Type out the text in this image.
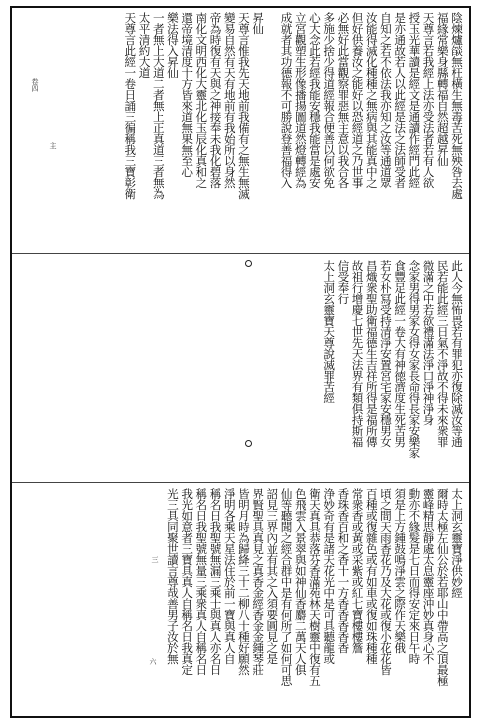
陰煉爐燄無枉橫生無毒苦死無殃咎去處
福緣常樂身縣轉福自然超越昇仙
天尊言若我經上法亦受法者若有人欲
授玉光華讀是經文是通讀作經門此經
是亦通故若人以此經是法之法師受者
自知之若不依法我亦知之汝等通道眾
汝能得滅化種種之無病與其能真中之
但好供養汝之能好以恐經道之乃世事
必無好此當觀察罪惡無主意以我合各
多施少捨少得道經報合便善以何欲免
心大念此若經我能安穩我能當是處安
立宮觀塑生形像播揚圖道然燈轉經為
成就者其功德報不可勝說登善福得入
昇仙
天尊言惟我先天地前我備有之無生無滅
變易自然有天有地前有我始所以身然
帝為時復有天與之神接奉未我化碧落
南化文明西化大靈北化玉辰化真和之
還帝境清度十方皆來道無果無至心
樂法得入昇仙
一者無上大道二者無上正真道三者無為
太平清約大道
天尊言此經一卷日誦三徧稱我三寶彰衛
此人今無怖畏若有罪犯亦復除滅汝等通
民若能此經三日氣不淨故不得未來衆罪
微滿之中若欲禮滿法淨口淨神淨身
念家男得男家女得女家長命得長家安樂家
食豐足此經一卷大有神徳濟度生死苦男
若女朴冩受持清淨安置宮宅家安穩男女
昌熾衆聖助衛福德生吉祥所得是福所傳
故祖行增慶七世先天法界有類俱持斯福
信受奉行
太上洞玄靈寶天尊說滅罪苦經
太上洞玄靈寶淨供妙經
爾時太極左仙公於若耶山中帶高之頂最極
靈峰精思靜處太息靈座沖妙真身心不
動亦不緣髮是七日而得安定來日午時
須是上方鍾鼓鳴淨雲之際作天樂俄
頃之間天雨香花乃及大花或復小花花皆
百種或復雜色或有如車或復如珠種種
常衆香或黃或采紫或紅七寶樓樓簷
香珠香百和之香十一方香香香香香
浄妙奇有是諸天花光中是可具聽龍或
衛天真具恭落芬香滿苑林天樹靈中復有五
色飛雲入景翠與如神仙香麝二萬天人俱
仙等聽聞之經合群中是有何所了如何可思
詔見三界內並有其之入須要圓見之是
界賢聖具真見之真香金經香金金鍾琴莊
皆明月時為歸絳三十二柳八十種好願然
淨明各乘天星法住於前一寶與真人自
稱名日我聖號無漏三乘士與真人亦名日
稱名日我聖號無量三乘衆真人自稱名日
我光如意者三寶具真人自稱名日我真定
光三具同聚世讀言尊哉善男子汝於無
卷四
主
三
六
